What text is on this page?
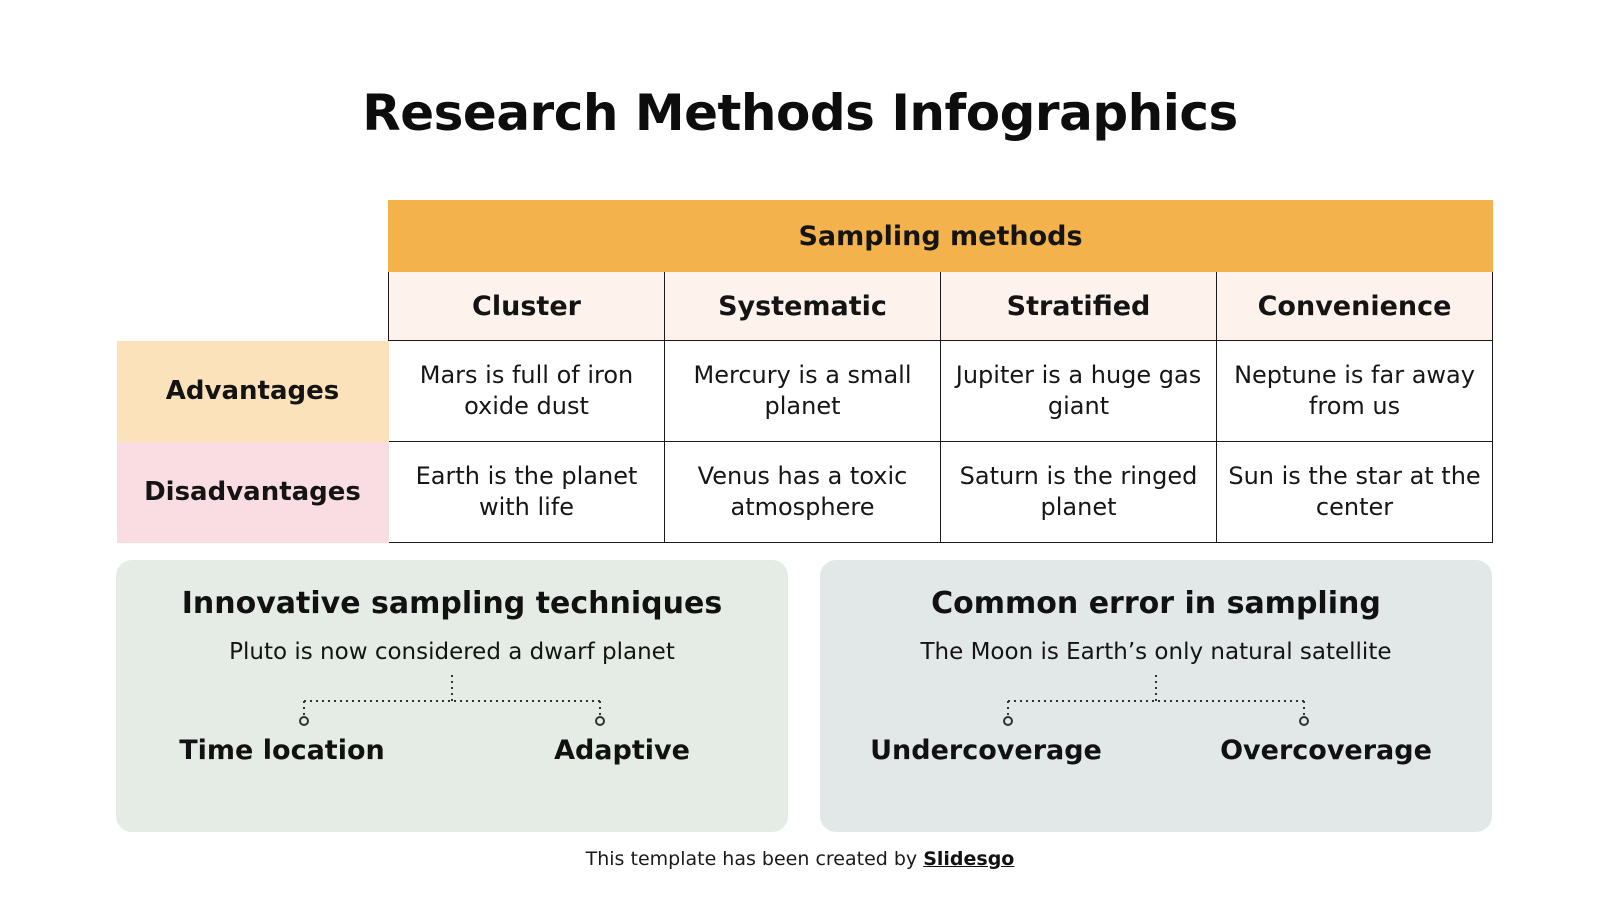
Research Methods Infographics
	Sampling methods			
	Cluster	Systematic	Stratified	Convenience
Advantages	Mars is full of iron oxide dust	Mercury is a small planet	Jupiter is a huge gas giant	Neptune is far away from us
Disadvantages	Earth is the planet with life	Venus has a toxic atmosphere	Saturn is the ringed planet	Sun is the star at the center
Innovative sampling techniques
Pluto is now considered a dwarf planet
Time location	Adaptive
Common error in sampling
The Moon is Earth’s only natural satellite
Undercoverage	Overcoverage
This template has been created by Slidesgo
